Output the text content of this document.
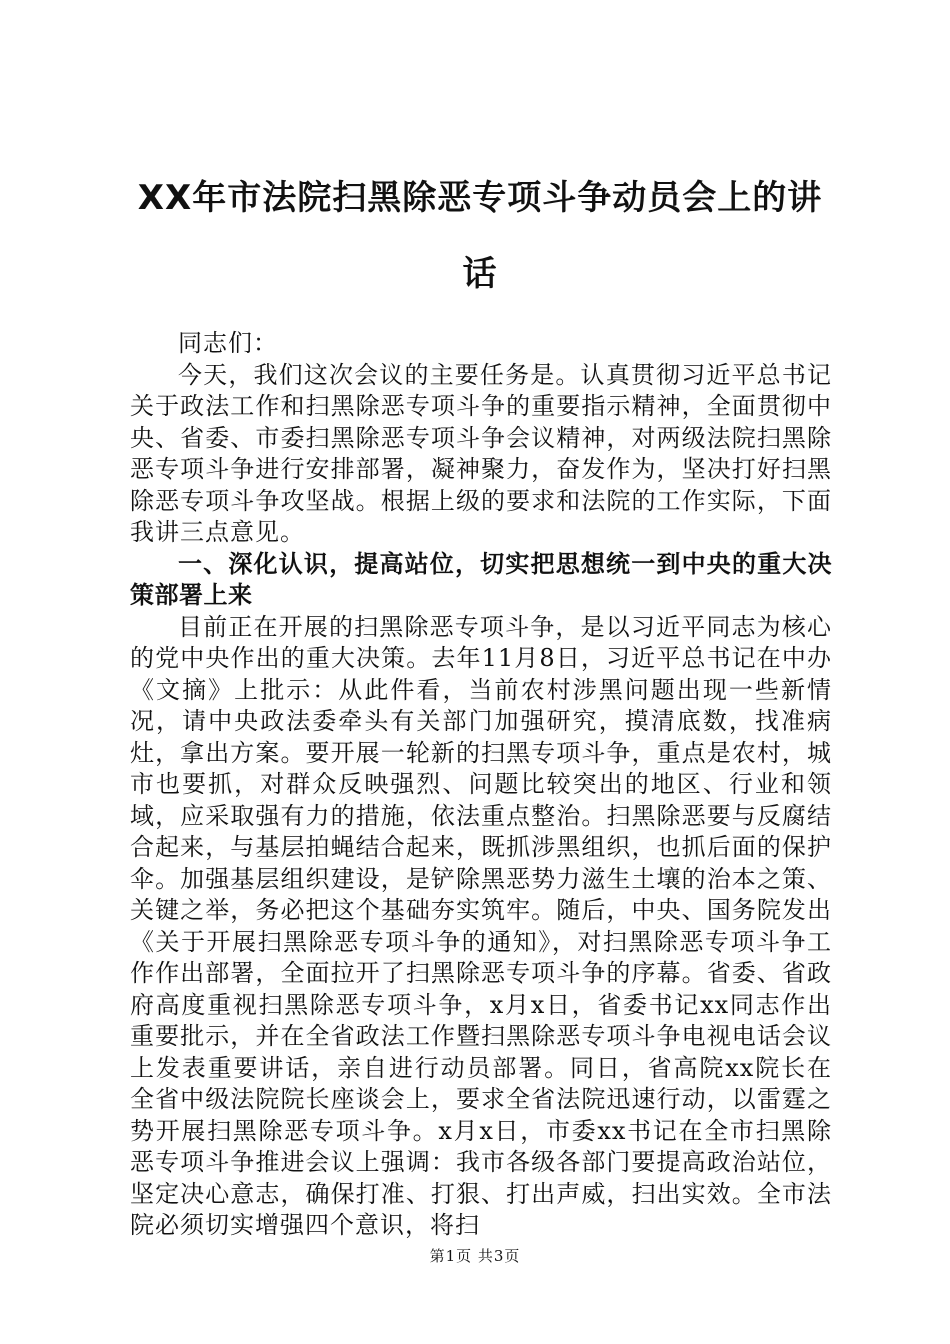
XX年市法院扫黑除恶专项斗争动员会上的讲话

同志们：

今天，我们这次会议的主要任务是。认真贯彻习近平总书记关于政法工作和扫黑除恶专项斗争的重要指示精神，全面贯彻中央、省委、市委扫黑除恶专项斗争会议精神，对两级法院扫黑除恶专项斗争进行安排部署，凝神聚力，奋发作为，坚决打好扫黑除恶专项斗争攻坚战。根据上级的要求和法院的工作实际，下面我讲三点意见。

一、深化认识，提高站位，切实把思想统一到中央的重大决策部署上来

目前正在开展的扫黑除恶专项斗争，是以习近平同志为核心的党中央作出的重大决策。去年11月8日，习近平总书记在中办《文摘》上批示：从此件看，当前农村涉黑问题出现一些新情况，请中央政法委牵头有关部门加强研究，摸清底数，找准病灶，拿出方案。要开展一轮新的扫黑专项斗争，重点是农村，城市也要抓，对群众反映强烈、问题比较突出的地区、行业和领域，应采取强有力的措施，依法重点整治。扫黑除恶要与反腐结合起来，与基层拍蝇结合起来，既抓涉黑组织，也抓后面的保护伞。加强基层组织建设，是铲除黑恶势力滋生土壤的治本之策、关键之举，务必把这个基础夯实筑牢。随后，中央、国务院发出《关于开展扫黑除恶专项斗争的通知》，对扫黑除恶专项斗争工作作出部署，全面拉开了扫黑除恶专项斗争的序幕。省委、省政府高度重视扫黑除恶专项斗争，x月x日，省委书记xx同志作出重要批示，并在全省政法工作暨扫黑除恶专项斗争电视电话会议上发表重要讲话，亲自进行动员部署。同日，省高院xx院长在全省中级法院院长座谈会上，要求全省法院迅速行动，以雷霆之势开展扫黑除恶专项斗争。x月x日，市委xx书记在全市扫黑除恶专项斗争推进会议上强调：我市各级各部门要提高政治站位，坚定决心意志，确保打准、打狠、打出声威，扫出实效。全市法院必须切实增强四个意识，将扫

第1页 共3页
